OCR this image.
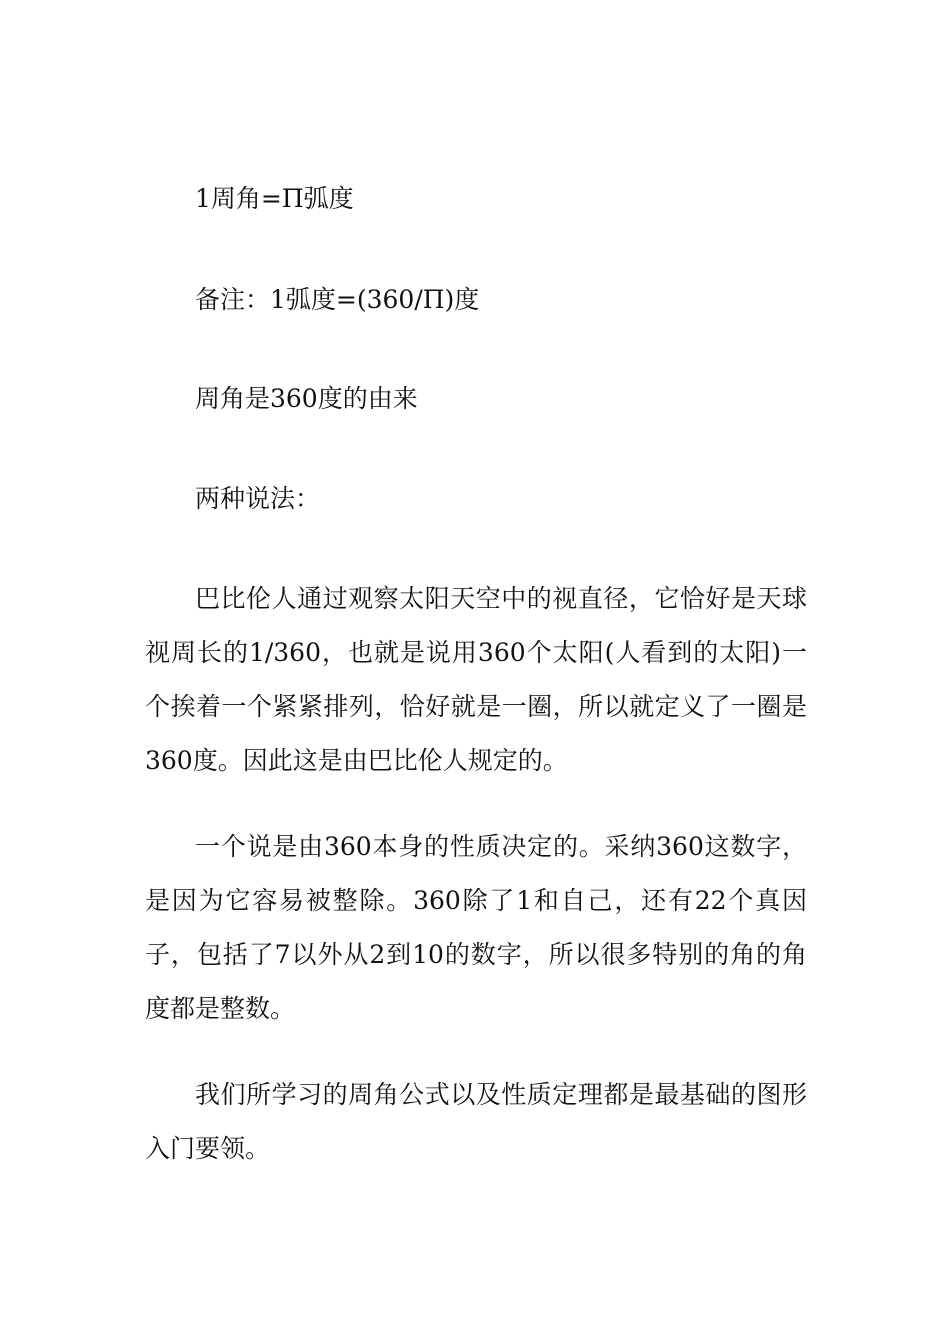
1周角=Π弧度

备注：1弧度=(360/Π)度

周角是360度的由来

两种说法：

巴比伦人通过观察太阳天空中的视直径，它恰好是天球视周长的1/360，也就是说用360个太阳(人看到的太阳)一个挨着一个紧紧排列，恰好就是一圈，所以就定义了一圈是360度。因此这是由巴比伦人规定的。

一个说是由360本身的性质决定的。采纳360这数字，是因为它容易被整除。360除了1和自己，还有22个真因子，包括了7以外从2到10的数字，所以很多特别的角的角度都是整数。

我们所学习的周角公式以及性质定理都是最基础的图形入门要领。
